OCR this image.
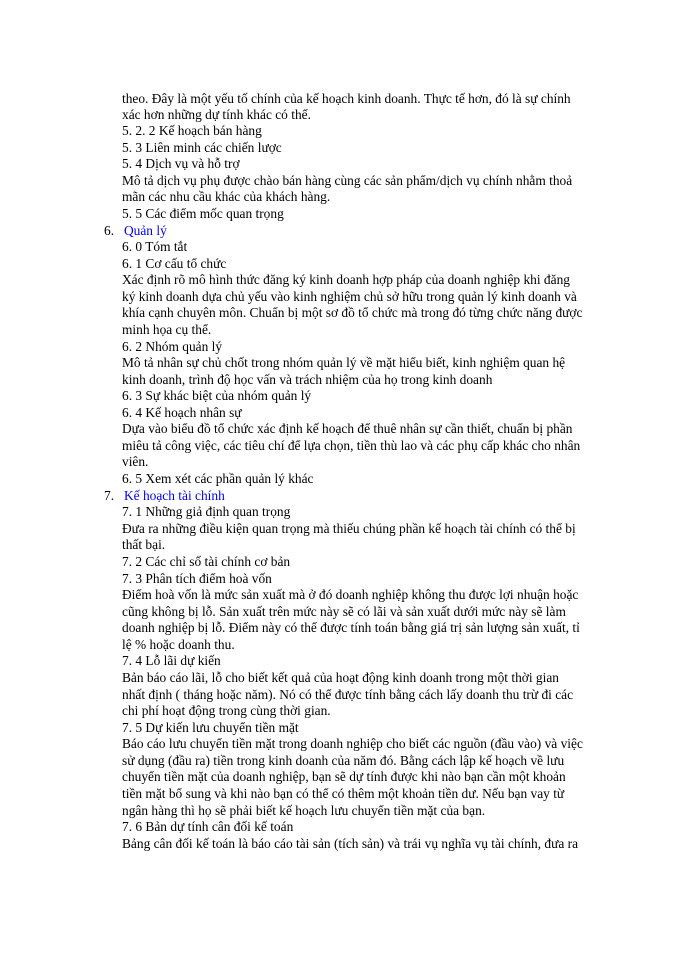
theo. Đây là một yếu tố chính của kế hoạch kinh doanh. Thực tế hơn, đó là sự chính
xác hơn những dự tính khác có thể.
5. 2. 2 Kế hoạch bán hàng
5. 3 Liên minh các chiến lược
5. 4 Dịch vụ và hỗ trợ
Mô tả dịch vụ phụ được chào bán hàng cùng các sản phẩm/dịch vụ chính nhằm thoả
mãn các nhu cầu khác của khách hàng.
5. 5 Các điểm mốc quan trọng
6. Quản lý
6. 0 Tóm tắt
6. 1 Cơ cấu tổ chức
Xác định rõ mô hình thức đăng ký kinh doanh hợp pháp của doanh nghiệp khi đăng
ký kinh doanh dựa chủ yếu vào kinh nghiệm chủ sở hữu trong quản lý kinh doanh và
khía cạnh chuyên môn. Chuẩn bị một sơ đồ tổ chức mà trong đó từng chức năng được
minh họa cụ thể.
6. 2 Nhóm quản lý
Mô tả nhân sự chủ chốt trong nhóm quản lý về mặt hiểu biết, kinh nghiệm quan hệ
kinh doanh, trình độ học vấn và trách nhiệm của họ trong kinh doanh
6. 3 Sự khác biệt của nhóm quản lý
6. 4 Kế hoạch nhân sự
Dựa vào biểu đồ tổ chức xác định kế hoạch để thuê nhân sự cần thiết, chuẩn bị phần
miêu tả công việc, các tiêu chí để lựa chọn, tiền thù lao và các phụ cấp khác cho nhân
viên.
6. 5 Xem xét các phần quản lý khác
7. Kế hoạch tài chính
7. 1 Những giả định quan trọng
Đưa ra những điều kiện quan trọng mà thiếu chúng phần kế hoạch tài chính có thể bị
thất bại.
7. 2 Các chỉ số tài chính cơ bản
7. 3 Phân tích điểm hoà vốn
Điểm hoà vốn là mức sản xuất mà ở đó doanh nghiệp không thu được lợi nhuận hoặc
cũng không bị lỗ. Sản xuất trên mức này sẽ có lãi và sản xuất dưới mức này sẽ làm
doanh nghiệp bị lỗ. Điểm này có thể được tính toán bằng giá trị sản lượng sản xuất, tỉ
lệ % hoặc doanh thu.
7. 4 Lỗ lãi dự kiến
Bản báo cáo lãi, lỗ cho biết kết quả của hoạt động kinh doanh trong một thời gian
nhất định ( tháng hoặc năm). Nó có thể được tính bằng cách lấy doanh thu trừ đi các
chi phí hoạt động trong cùng thời gian.
7. 5 Dự kiến lưu chuyển tiền mặt
Báo cáo lưu chuyển tiền mặt trong doanh nghiệp cho biết các nguồn (đầu vào) và việc
sử dụng (đầu ra) tiền trong kinh doanh của năm đó. Bằng cách lập kế hoạch về lưu
chuyển tiền mặt của doanh nghiệp, bạn sẽ dự tính được khi nào bạn cần một khoản
tiền mặt bổ sung và khi nào bạn có thể có thêm một khoản tiền dư. Nếu bạn vay từ
ngân hàng thì họ sẽ phải biết kế hoạch lưu chuyển tiền mặt của bạn.
7. 6 Bản dự tính cân đối kế toán
Bảng cân đối kế toán là báo cáo tài sản (tích sản) và trái vụ nghĩa vụ tài chính, đưa ra
